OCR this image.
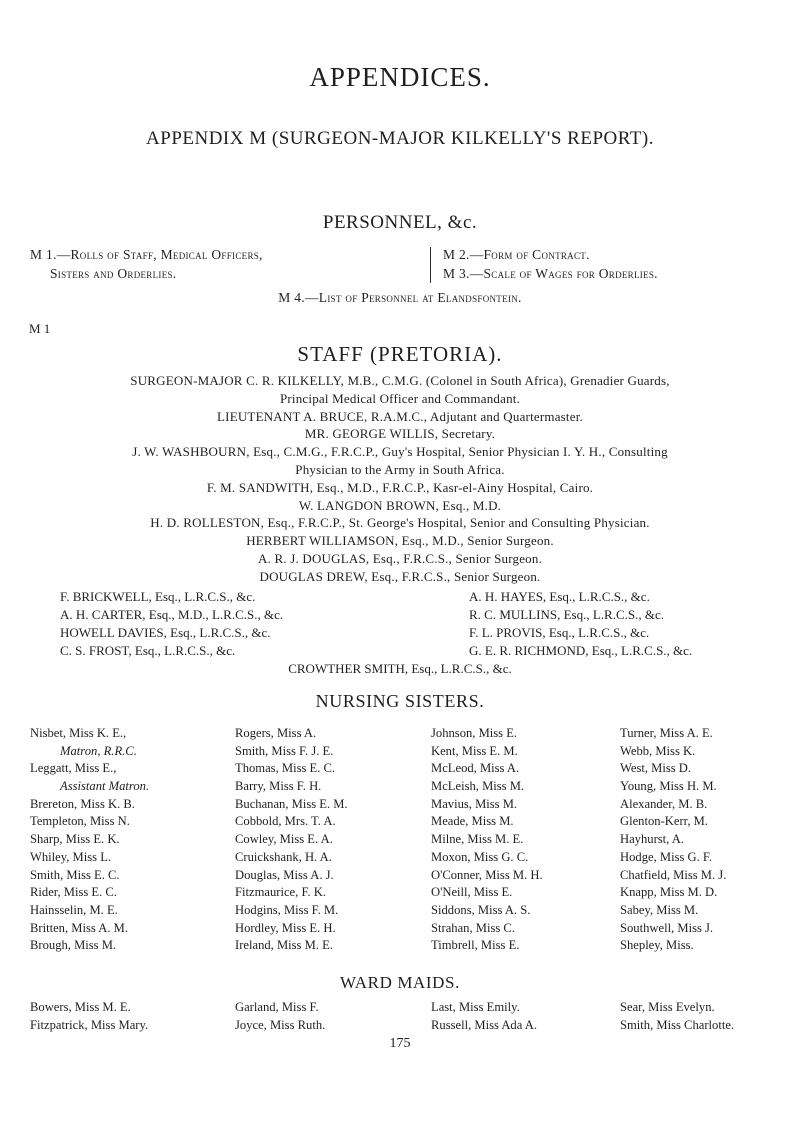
APPENDICES.
APPENDIX M (SURGEON-MAJOR KILKELLY'S REPORT).
PERSONNEL, &c.
M 1.—Rolls of Staff, Medical Officers,
Sisters and Orderlies.
M 2.—Form of Contract.
M 3.—Scale of Wages for Orderlies.
M 4.—List of Personnel at Elandsfontein.
M 1
STAFF (PRETORIA).
SURGEON-MAJOR C. R. KILKELLY, M.B., C.M.G. (Colonel in South Africa), Grenadier Guards,
Principal Medical Officer and Commandant.
LIEUTENANT A. BRUCE, R.A.M.C., Adjutant and Quartermaster.
MR. GEORGE WILLIS, Secretary.
J. W. WASHBOURN, Esq., C.M.G., F.R.C.P., Guy's Hospital, Senior Physician I. Y. H., Consulting
Physician to the Army in South Africa.
F. M. SANDWITH, Esq., M.D., F.R.C.P., Kasr-el-Ainy Hospital, Cairo.
W. LANGDON BROWN, Esq., M.D.
H. D. ROLLESTON, Esq., F.R.C.P., St. George's Hospital, Senior and Consulting Physician.
HERBERT WILLIAMSON, Esq., M.D., Senior Surgeon.
A. R. J. DOUGLAS, Esq., F.R.C.S., Senior Surgeon.
DOUGLAS DREW, Esq., F.R.C.S., Senior Surgeon.
F. BRICKWELL, Esq., L.R.C.S., &c.	A. H. HAYES, Esq., L.R.C.S., &c.
A. H. CARTER, Esq., M.D., L.R.C.S., &c.	R. C. MULLINS, Esq., L.R.C.S., &c.
HOWELL DAVIES, Esq., L.R.C.S., &c.	F. L. PROVIS, Esq., L.R.C.S., &c.
C. S. FROST, Esq., L.R.C.S., &c.	G. E. R. RICHMOND, Esq., L.R.C.S., &c.
CROWTHER SMITH, Esq., L.R.C.S., &c.
NURSING SISTERS.
Nisbet, Miss K. E.,
Matron, R.R.C.
Leggatt, Miss E.,
Assistant Matron.
Brereton, Miss K. B.
Templeton, Miss N.
Sharp, Miss E. K.
Whiley, Miss L.
Smith, Miss E. C.
Rider, Miss E. C.
Hainsselin, M. E.
Britten, Miss A. M.
Brough, Miss M.
Rogers, Miss A.
Smith, Miss F. J. E.
Thomas, Miss E. C.
Barry, Miss F. H.
Buchanan, Miss E. M.
Cobbold, Mrs. T. A.
Cowley, Miss E. A.
Cruickshank, H. A.
Douglas, Miss A. J.
Fitzmaurice, F. K.
Hodgins, Miss F. M.
Hordley, Miss E. H.
Ireland, Miss M. E.
Johnson, Miss E.
Kent, Miss E. M.
McLeod, Miss A.
McLeish, Miss M.
Mavius, Miss M.
Meade, Miss M.
Milne, Miss M. E.
Moxon, Miss G. C.
O'Conner, Miss M. H.
O'Neill, Miss E.
Siddons, Miss A. S.
Strahan, Miss C.
Timbrell, Miss E.
Turner, Miss A. E.
Webb, Miss K.
West, Miss D.
Young, Miss H. M.
Alexander, M. B.
Glenton-Kerr, M.
Hayhurst, A.
Hodge, Miss G. F.
Chatfield, Miss M. J.
Knapp, Miss M. D.
Sabey, Miss M.
Southwell, Miss J.
Shepley, Miss.
WARD MAIDS.
Bowers, Miss M. E.
Fitzpatrick, Miss Mary.
Garland, Miss F.
Joyce, Miss Ruth.
Last, Miss Emily.
Russell, Miss Ada A.
Sear, Miss Evelyn.
Smith, Miss Charlotte.
175
